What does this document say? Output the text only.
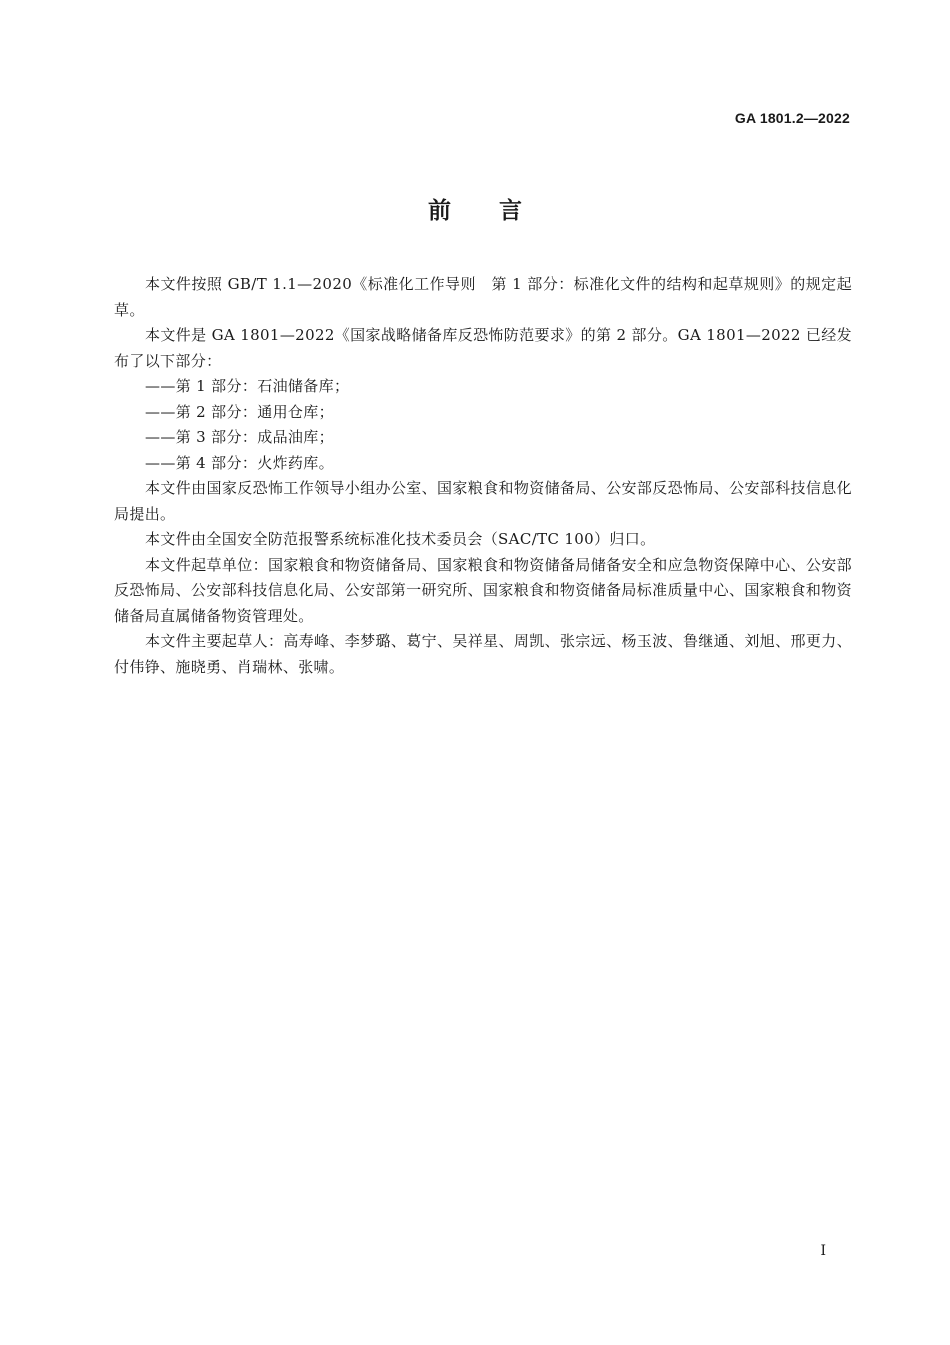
GA 1801.2—2022
前言

本文件按照 GB/T 1.1—2020《标准化工作导则　第 1 部分：标准化文件的结构和起草规则》的规定起草。

本文件是 GA 1801—2022《国家战略储备库反恐怖防范要求》的第 2 部分。GA 1801—2022 已经发布了以下部分：

——第 1 部分：石油储备库；

——第 2 部分：通用仓库；

——第 3 部分：成品油库；

——第 4 部分：火炸药库。

本文件由国家反恐怖工作领导小组办公室、国家粮食和物资储备局、公安部反恐怖局、公安部科技信息化局提出。

本文件由全国安全防范报警系统标准化技术委员会（SAC/TC 100）归口。

本文件起草单位：国家粮食和物资储备局、国家粮食和物资储备局储备安全和应急物资保障中心、公安部反恐怖局、公安部科技信息化局、公安部第一研究所、国家粮食和物资储备局标准质量中心、国家粮食和物资储备局直属储备物资管理处。

本文件主要起草人：高寿峰、李梦璐、葛宁、吴祥星、周凯、张宗远、杨玉波、鲁继通、刘旭、邢更力、付伟铮、施晓勇、肖瑞林、张啸。

I
